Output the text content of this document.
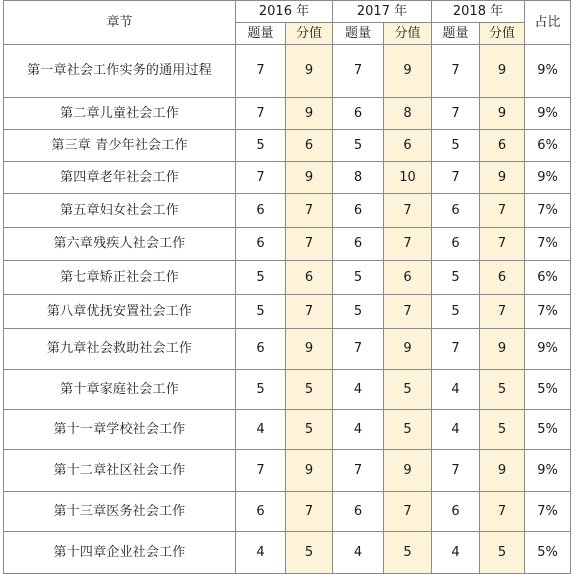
章节	2016 年		2017 年		2018 年		占比
	题量	分值	题量	分值	题量	分值	
第一章社会工作实务的通用过程	7	9	7	9	7	9	9%
第二章儿童社会工作	7	9	6	8	7	9	9%
第三章 青少年社会工作	5	6	5	6	5	6	6%
第四章老年社会工作	7	9	8	10	7	9	9%
第五章妇女社会工作	6	7	6	7	6	7	7%
第六章残疾人社会工作	6	7	6	7	6	7	7%
第七章矫正社会工作	5	6	5	6	5	6	6%
第八章优抚安置社会工作	5	7	5	7	5	7	7%
第九章社会救助社会工作	6	9	7	9	7	9	9%
第十章家庭社会工作	5	5	4	5	4	5	5%
第十一章学校社会工作	4	5	4	5	4	5	5%
第十二章社区社会工作	7	9	7	9	7	9	9%
第十三章医务社会工作	6	7	6	7	6	7	7%
第十四章企业社会工作	4	5	4	5	4	5	5%
